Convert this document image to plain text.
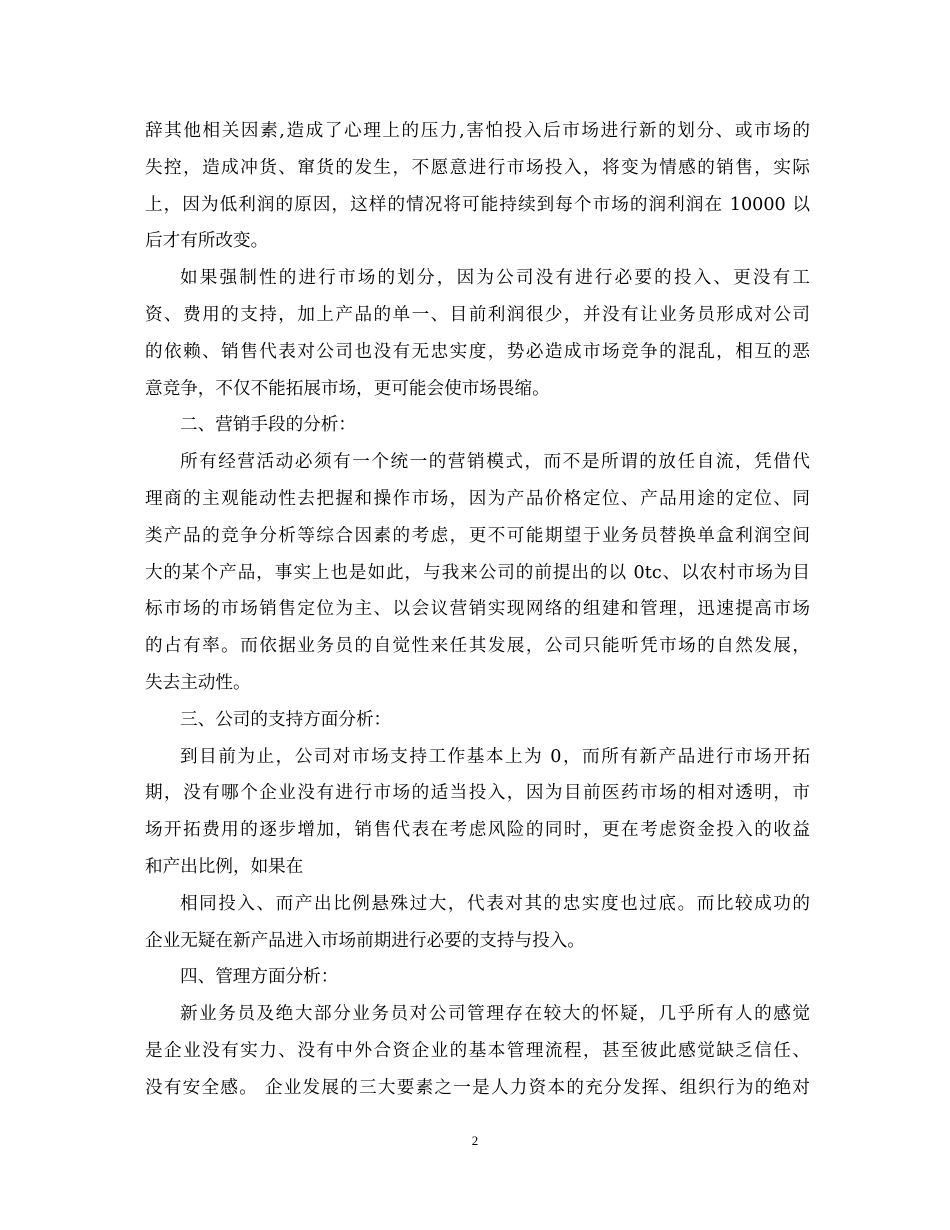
辞其他相关因素,造成了心理上的压力,害怕投入后市场进行新的划分、或市场的
失控，造成冲货、窜货的发生，不愿意进行市场投入，将变为情感的销售，实际
上，因为低利润的原因，这样的情况将可能持续到每个市场的润利润在 10000 以
后才有所改变。
如果强制性的进行市场的划分，因为公司没有进行必要的投入、更没有工
资、费用的支持，加上产品的单一、目前利润很少，并没有让业务员形成对公司
的依赖、销售代表对公司也没有无忠实度，势必造成市场竞争的混乱，相互的恶
意竞争，不仅不能拓展市场，更可能会使市场畏缩。
二、营销手段的分析：
所有经营活动必须有一个统一的营销模式，而不是所谓的放任自流，凭借代
理商的主观能动性去把握和操作市场，因为产品价格定位、产品用途的定位、同
类产品的竞争分析等综合因素的考虑，更不可能期望于业务员替换单盒利润空间
大的某个产品，事实上也是如此，与我来公司的前提出的以 0tc、以农村市场为目
标市场的市场销售定位为主、以会议营销实现网络的组建和管理，迅速提高市场
的占有率。而依据业务员的自觉性来任其发展，公司只能听凭市场的自然发展，
失去主动性。
三、公司的支持方面分析：
到目前为止，公司对市场支持工作基本上为 0，而所有新产品进行市场开拓
期，没有哪个企业没有进行市场的适当投入，因为目前医药市场的相对透明，市
场开拓费用的逐步增加，销售代表在考虑风险的同时，更在考虑资金投入的收益
和产出比例，如果在
相同投入、而产出比例悬殊过大，代表对其的忠实度也过底。而比较成功的
企业无疑在新产品进入市场前期进行必要的支持与投入。
四、管理方面分析：
新业务员及绝大部分业务员对公司管理存在较大的怀疑，几乎所有人的感觉
是企业没有实力、没有中外合资企业的基本管理流程，甚至彼此感觉缺乏信任、
没有安全感。 企业发展的三大要素之一是人力资本的充分发挥、组织行为的绝对
2
